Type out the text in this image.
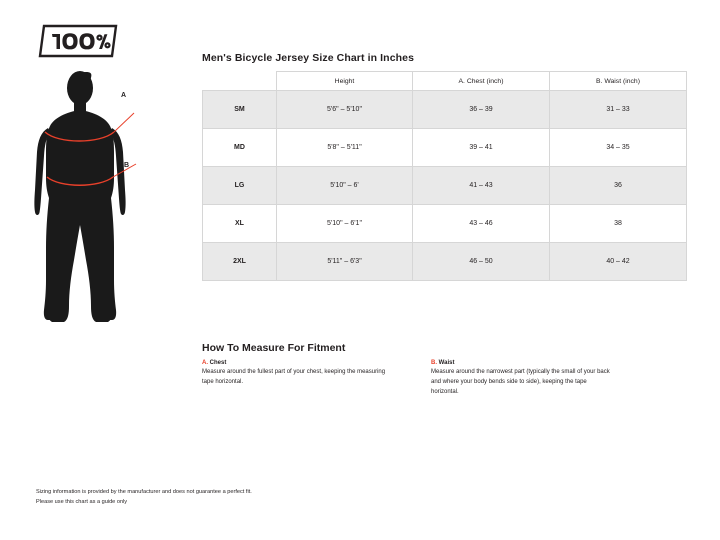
A
B
Sizing information is provided by the manufacturer and does not guarantee a perfect fit.
Please use this chart as a guide only
Men's Bicycle Jersey Size Chart in Inches
	Height	A. Chest (inch)	B. Waist (inch)
SM	5'6" – 5'10"	36 – 39	31 – 33
MD	5'8" – 5'11"	39 – 41	34 – 35
LG	5'10" – 6'	41 – 43	36
XL	5'10" – 6'1"	43 – 46	38
2XL	5'11" – 6'3"	46 – 50	40 – 42
How To Measure For Fitment
A. Chest
Measure around the fullest part of your chest, keeping the measuring tape horizontal.
B. Waist
Measure around the narrowest part (typically the small of your back and where your body bends side to side), keeping the tape horizontal.
